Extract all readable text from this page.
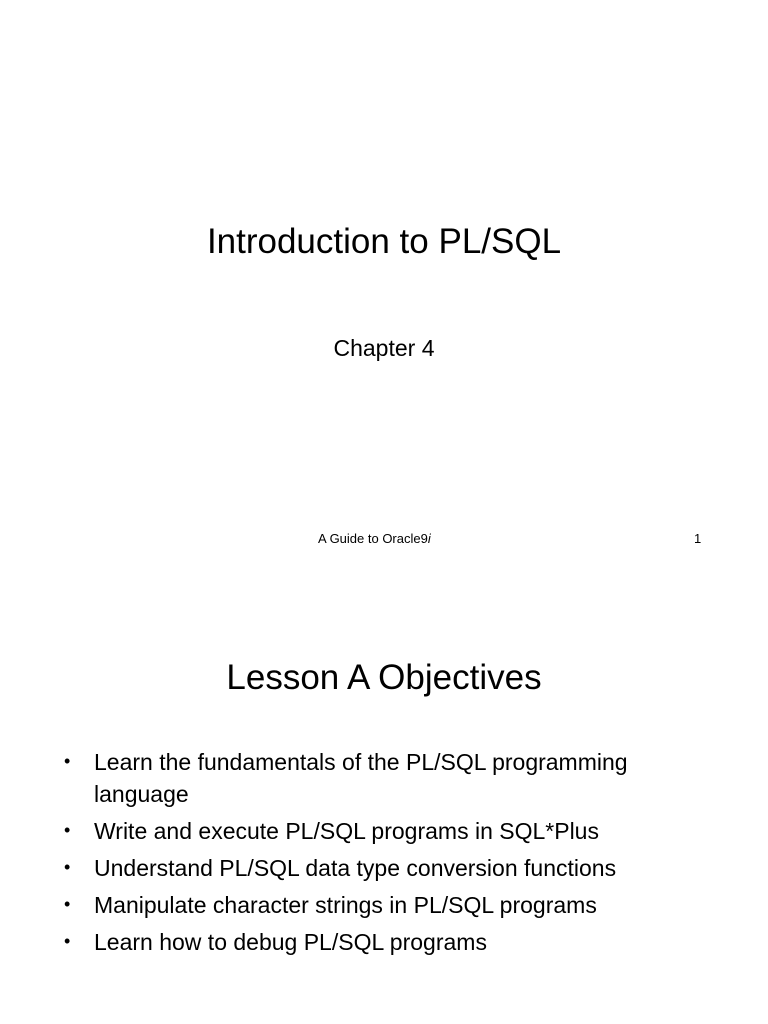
Introduction to PL/SQL
Chapter 4
A Guide to Oracle9i	1
Lesson A Objectives
• Learn the fundamentals of the PL/SQL programming language
• Write and execute PL/SQL programs in SQL*Plus
• Understand PL/SQL data type conversion functions
• Manipulate character strings in PL/SQL programs
• Learn how to debug PL/SQL programs
